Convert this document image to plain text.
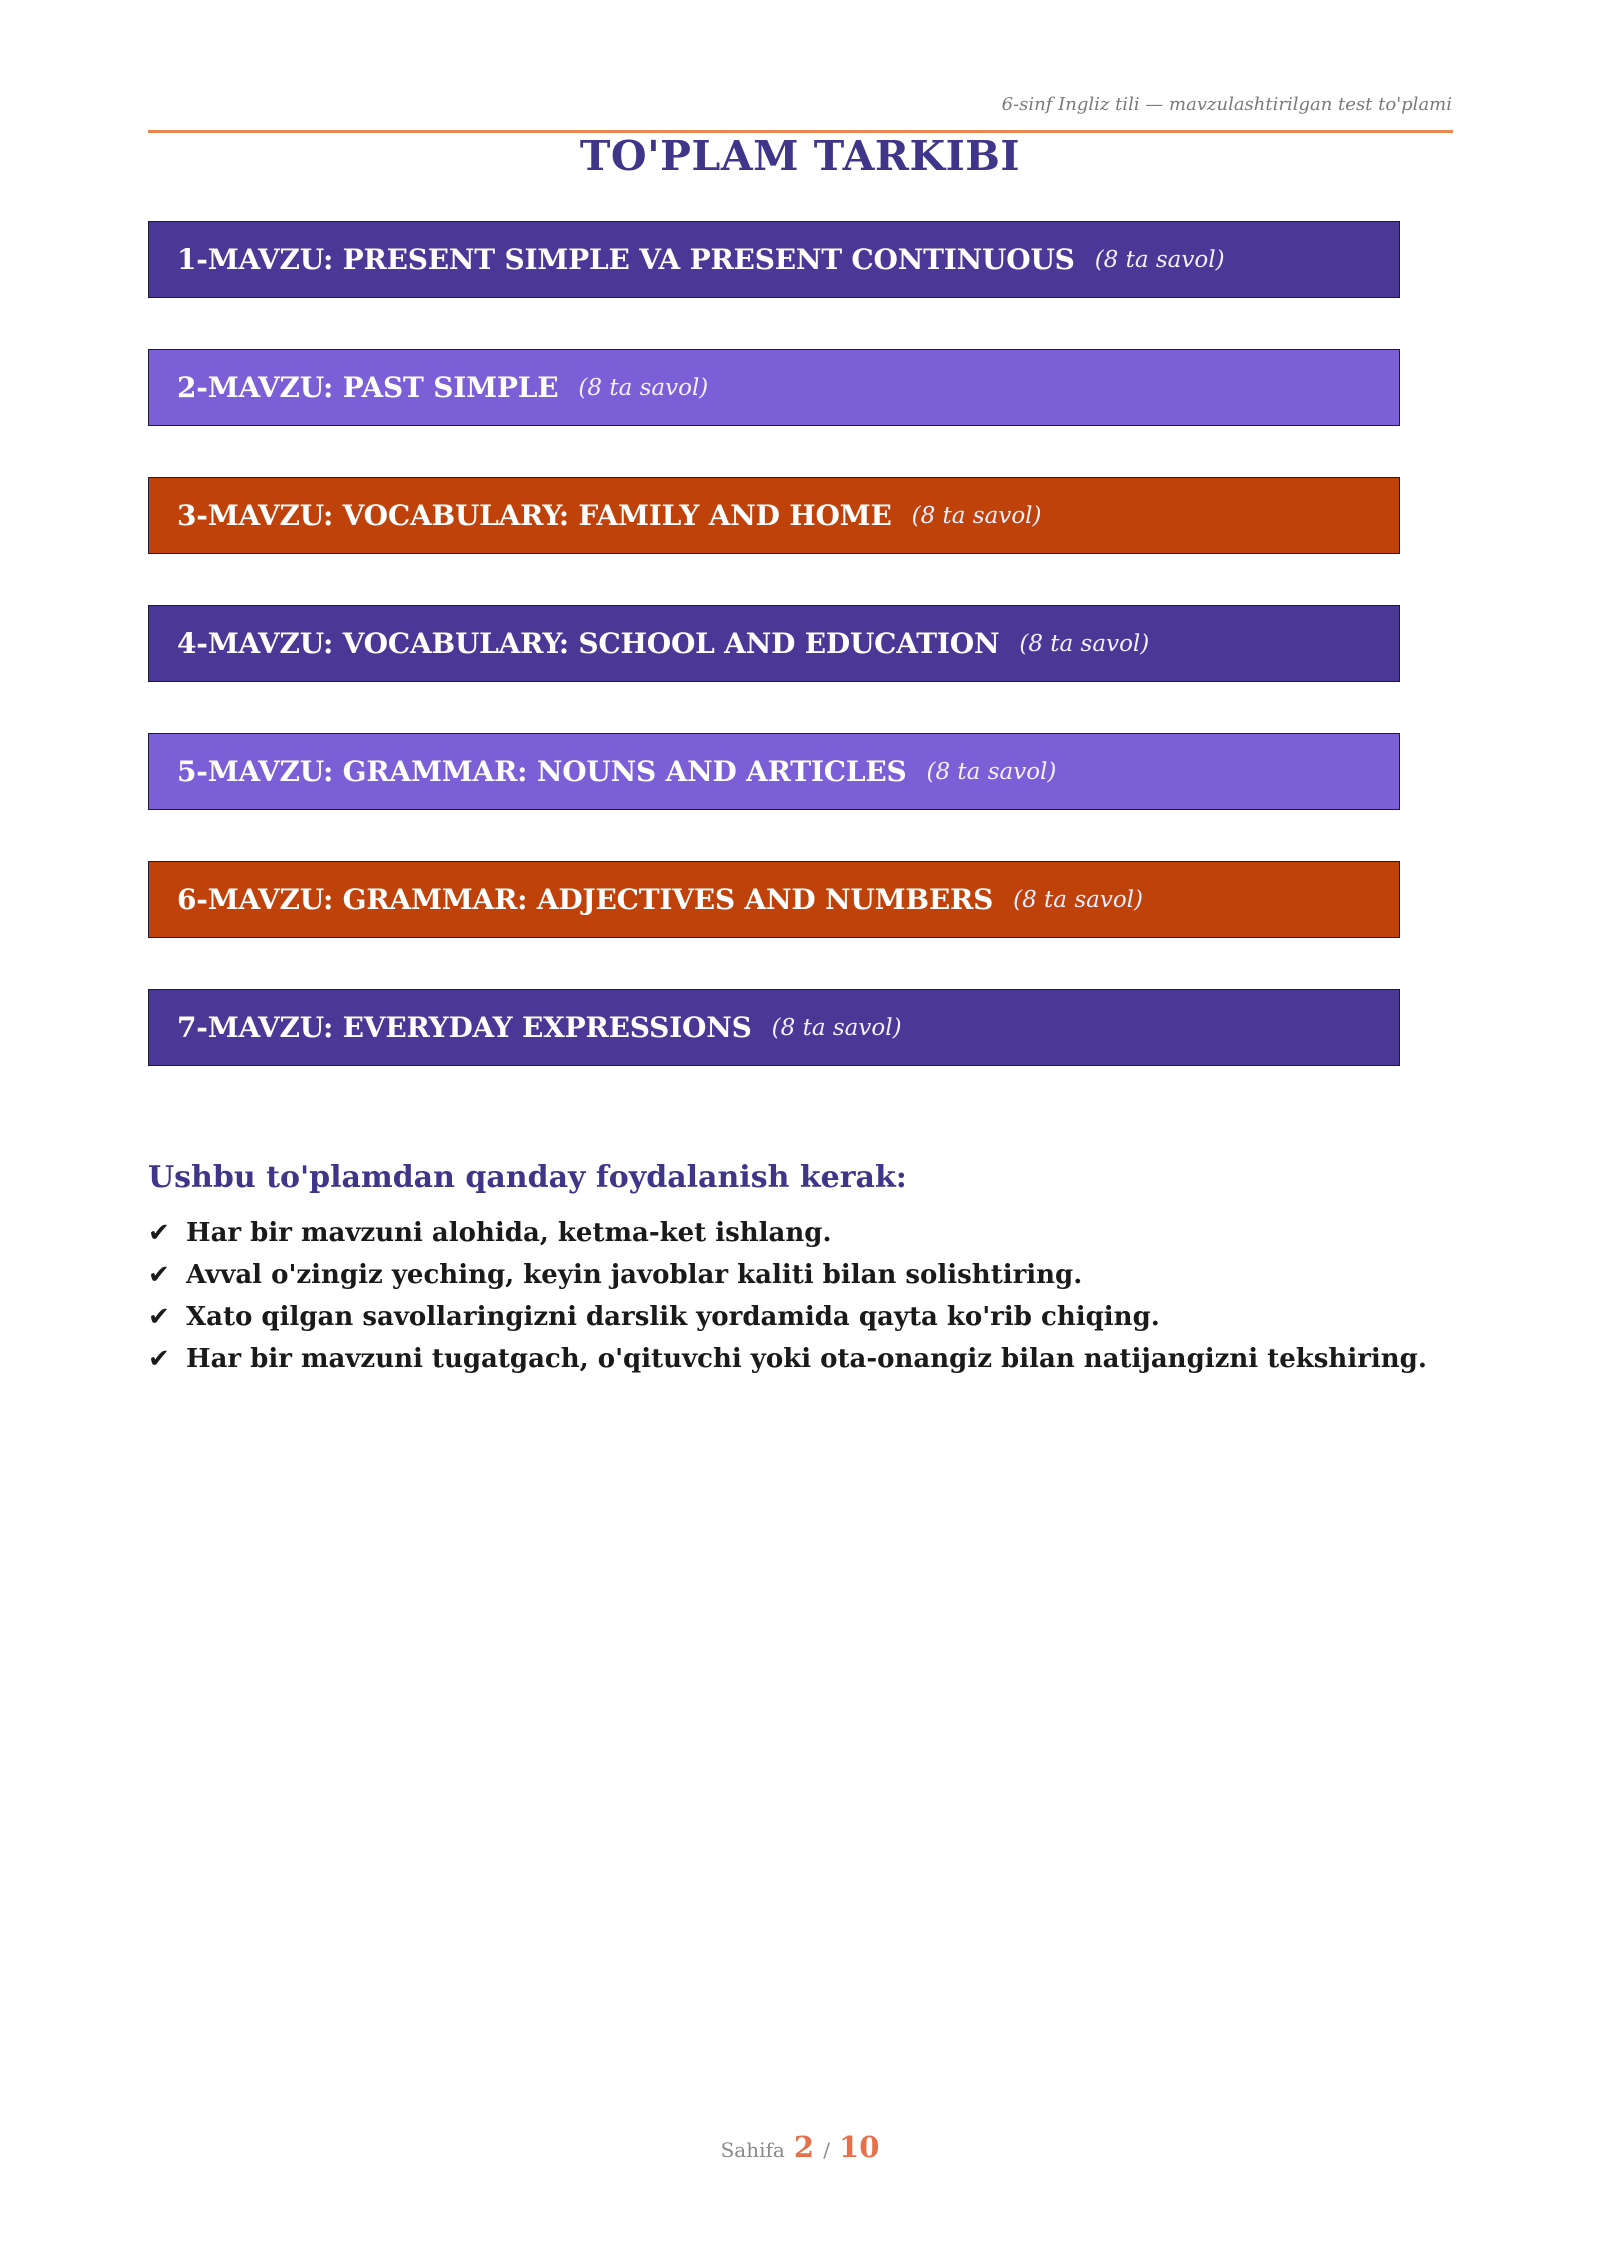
6-sinf Ingliz tili — mavzulashtirilgan test to'plami
TO'PLAM TARKIBI
1-MAVZU: PRESENT SIMPLE VA PRESENT CONTINUOUS (8 ta savol)
2-MAVZU: PAST SIMPLE (8 ta savol)
3-MAVZU: VOCABULARY: FAMILY AND HOME (8 ta savol)
4-MAVZU: VOCABULARY: SCHOOL AND EDUCATION (8 ta savol)
5-MAVZU: GRAMMAR: NOUNS AND ARTICLES (8 ta savol)
6-MAVZU: GRAMMAR: ADJECTIVES AND NUMBERS (8 ta savol)
7-MAVZU: EVERYDAY EXPRESSIONS (8 ta savol)
Ushbu to'plamdan qanday foydalanish kerak:
✔ Har bir mavzuni alohida, ketma-ket ishlang.
✔ Avval o'zingiz yeching, keyin javoblar kaliti bilan solishtiring.
✔ Xato qilgan savollaringizni darslik yordamida qayta ko'rib chiqing.
✔ Har bir mavzuni tugatgach, o'qituvchi yoki ota-onangiz bilan natijangizni tekshiring.
Sahifa 2 / 10
